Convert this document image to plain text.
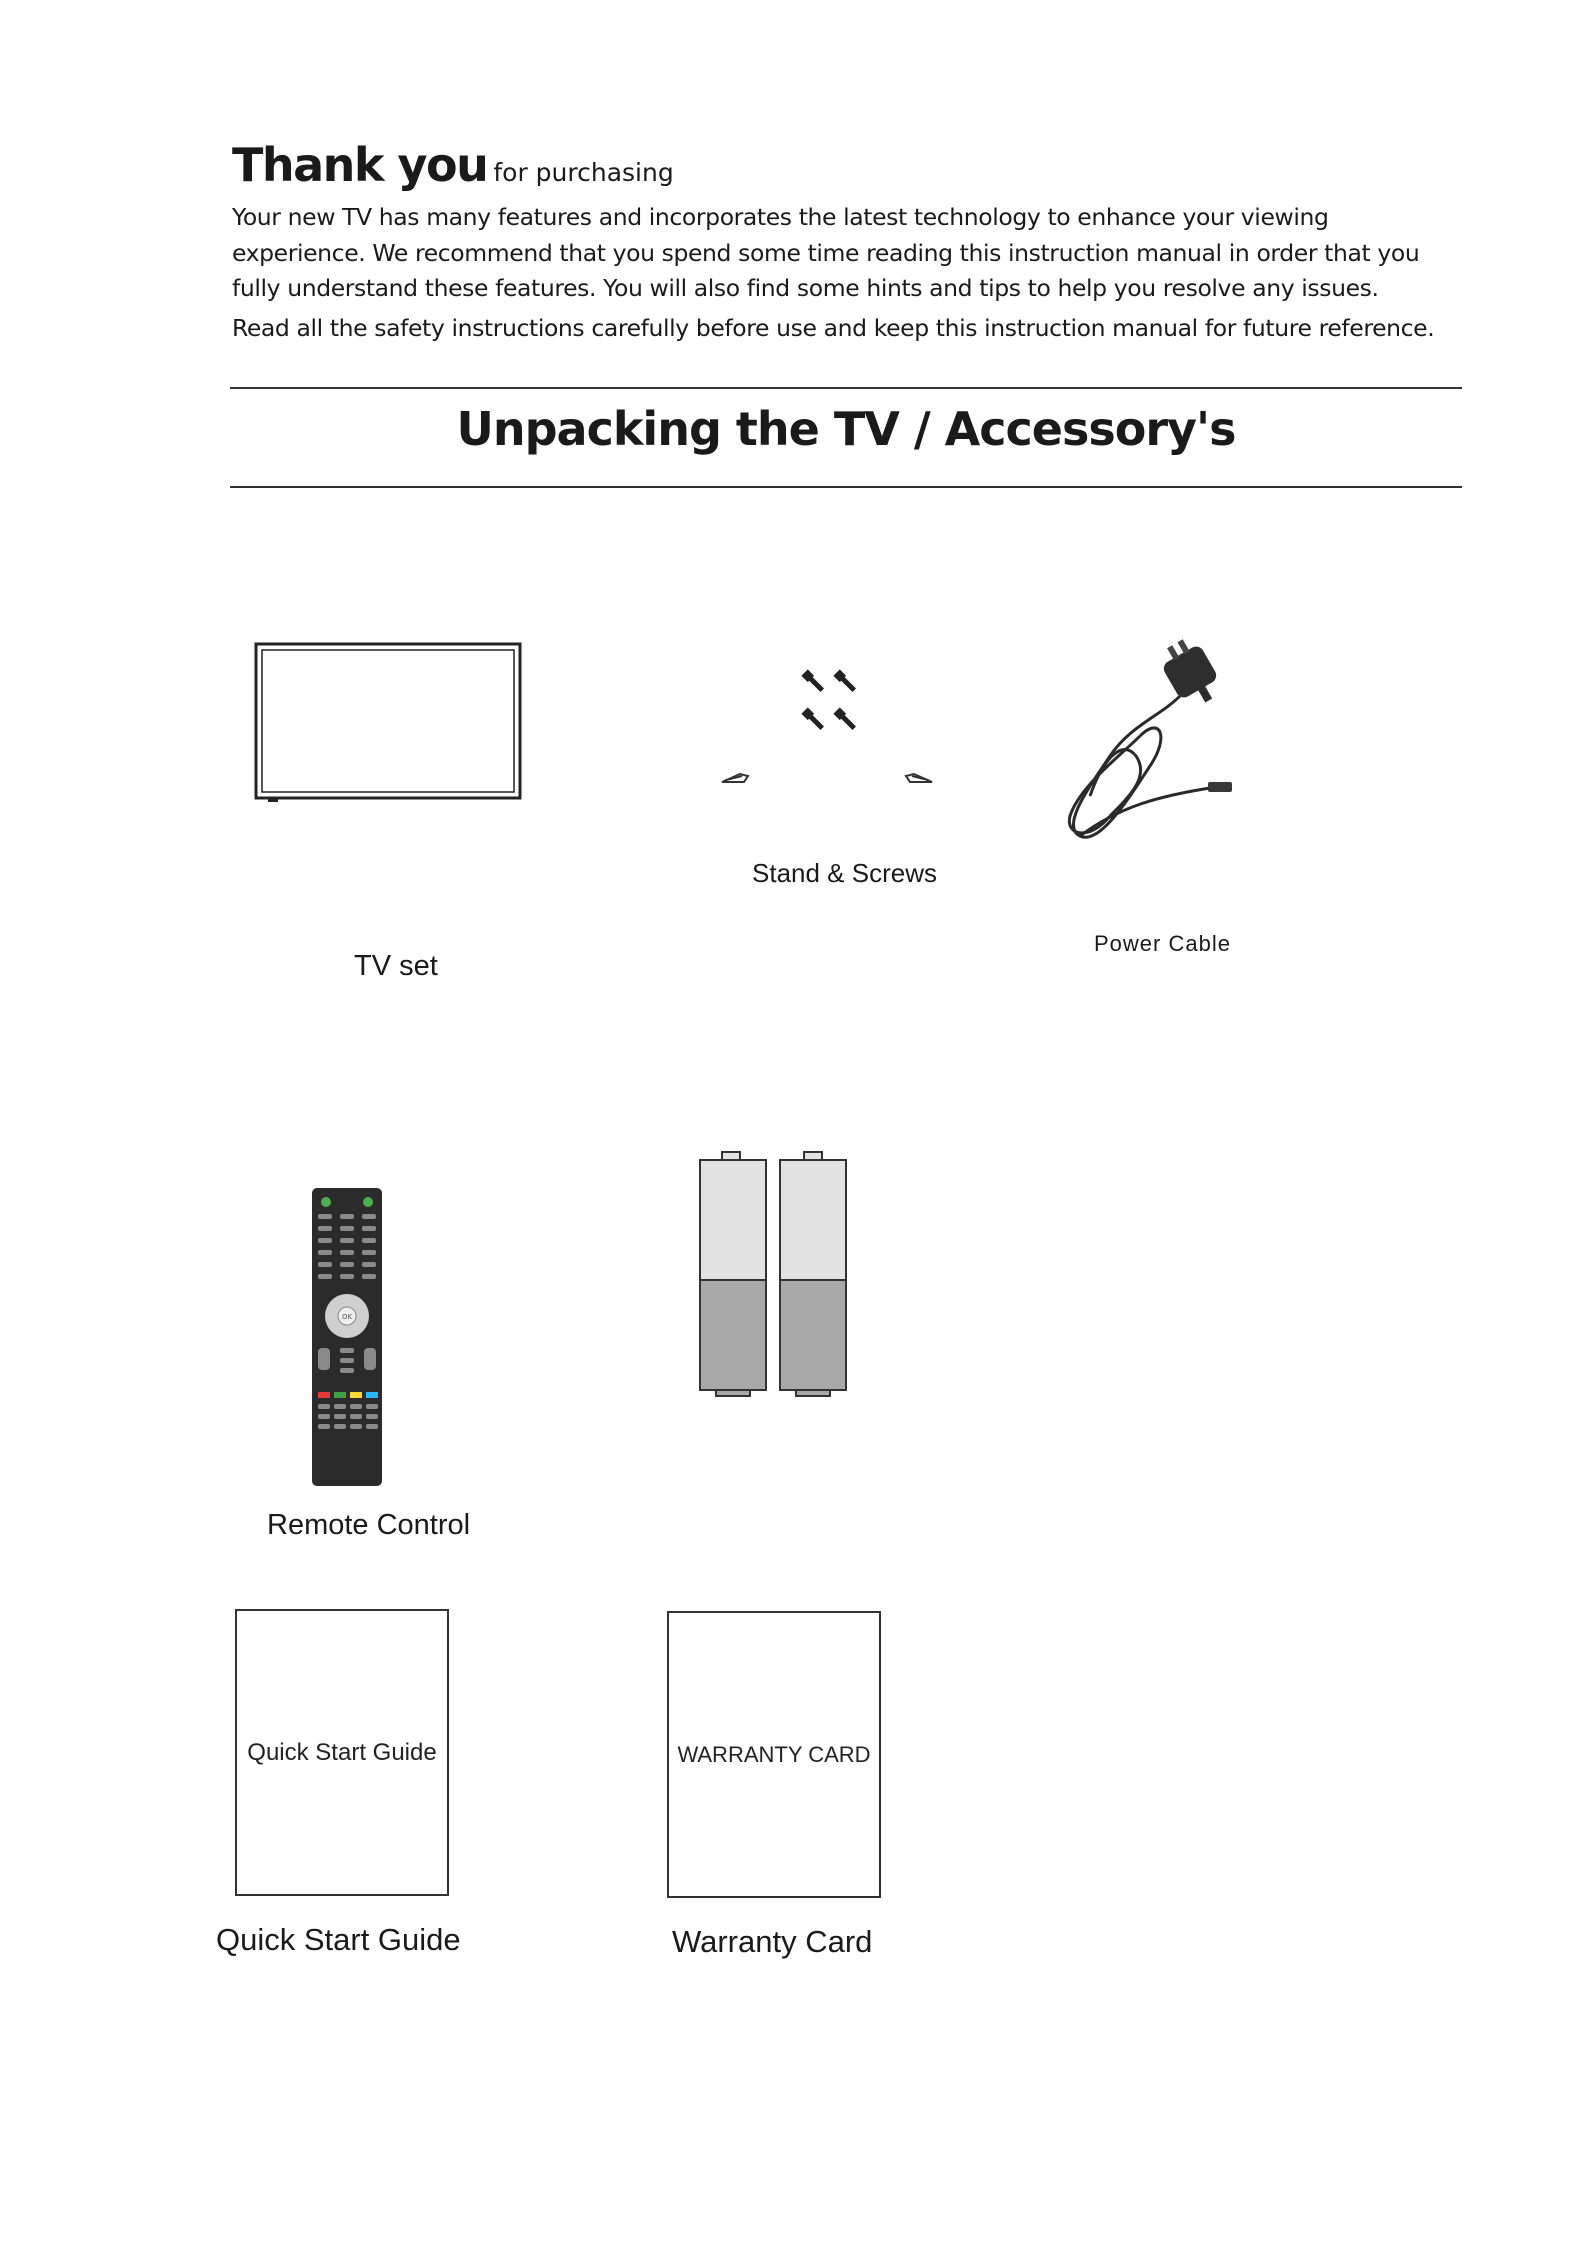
Thank you for purchasing

Your new TV has many features and incorporates the latest technology to enhance your viewing

experience. We recommend that you spend some time reading this instruction manual in order that you

fully understand these features. You will also find some hints and tips to help you resolve any issues.

Read all the safety instructions carefully before use and keep this instruction manual for future reference.

Unpacking the TV / Accessory's
TV set
Stand & Screws
Power Cable
OK
Remote Control
Quick Start Guide
Quick Start Guide
WARRANTY CARD
Warranty Card
